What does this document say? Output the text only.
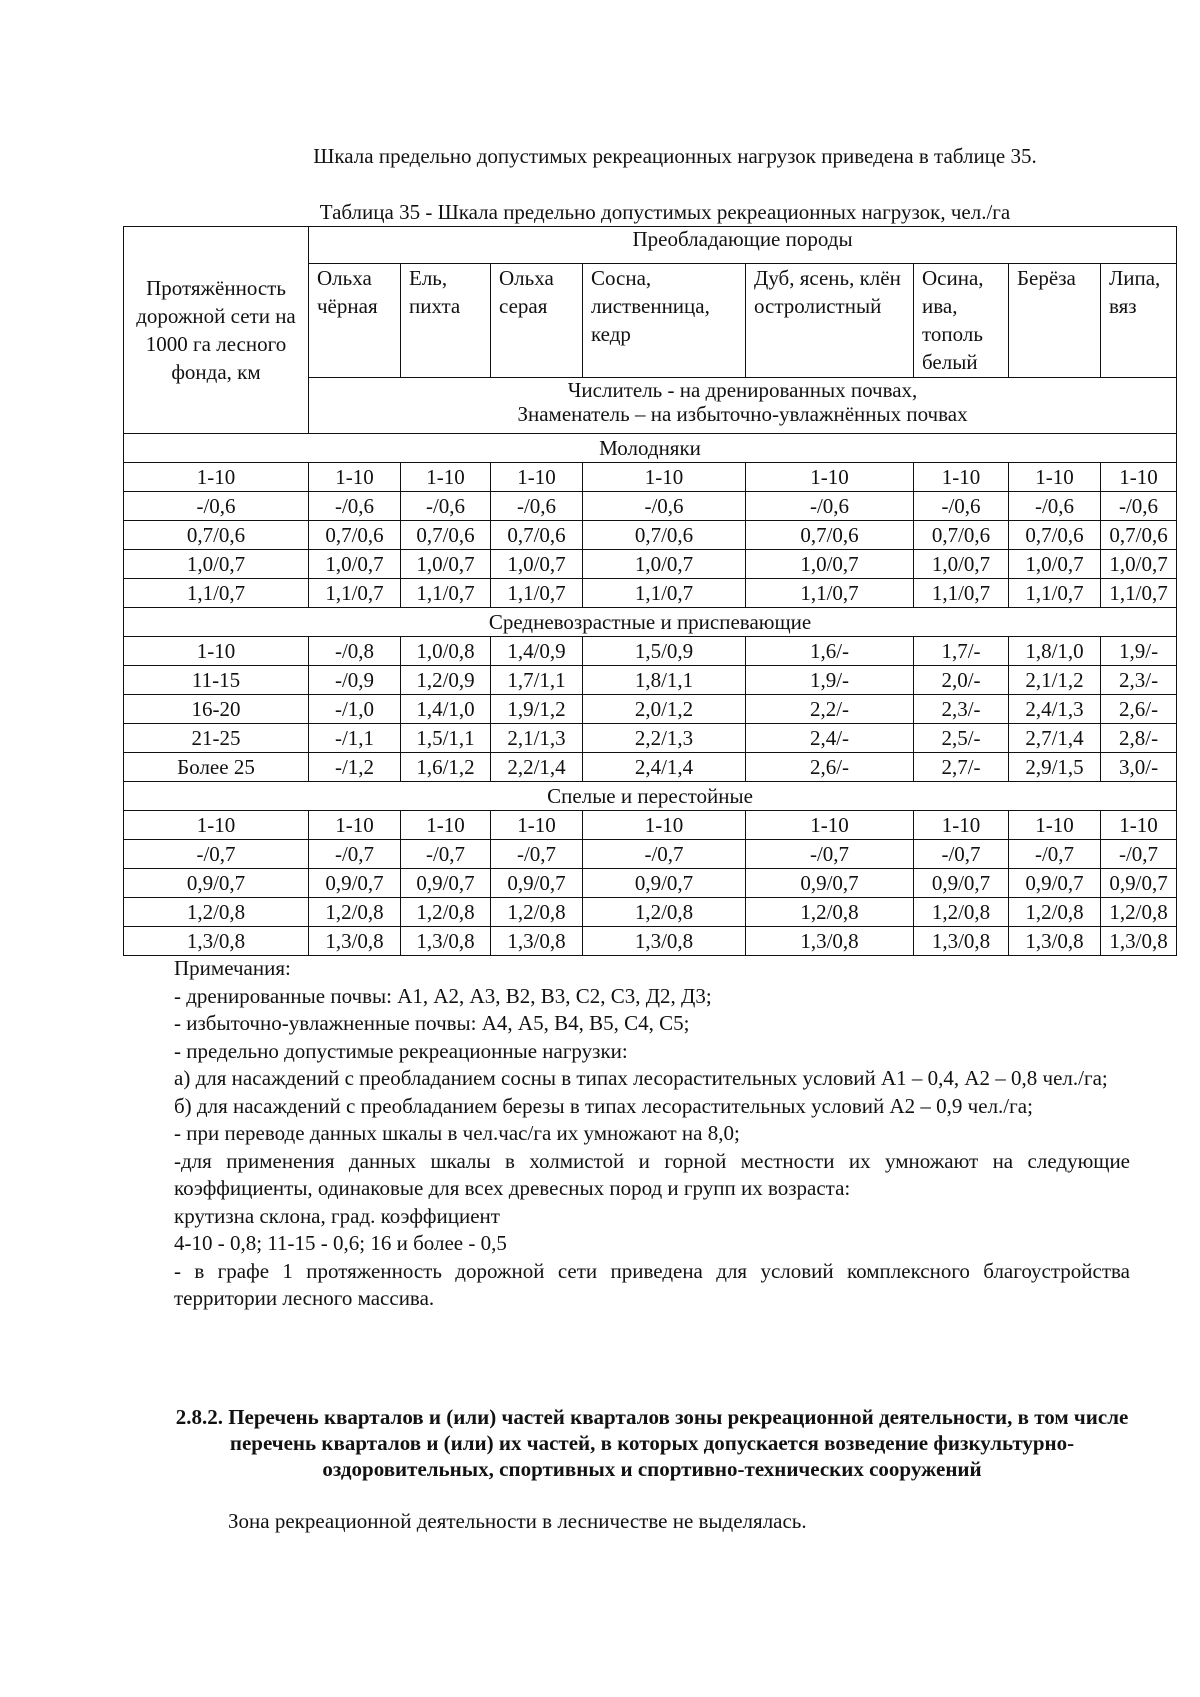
Шкала предельно допустимых рекреационных нагрузок приведена в таблице 35.
Таблица 35 - Шкала предельно допустимых рекреационных нагрузок, чел./га
Протяжённость дорожной сети на 1000 га лесного фонда, км	Преобладающие породы							
	Ольха чёрная	Ель, пихта	Ольха серая	Сосна, лиственница, кедр	Дуб, ясень, клён остролистный	Осина, ива, тополь белый	Берёза	Липа, вяз

	Числитель - на дренированных почвах,
Знаменатель – на избыточно-увлажнённых почвах							

Молодняки								
1-10	1-10	1-10	1-10	1-10	1-10	1-10	1-10	1-10
-/0,6	-/0,6	-/0,6	-/0,6	-/0,6	-/0,6	-/0,6	-/0,6	-/0,6
0,7/0,6	0,7/0,6	0,7/0,6	0,7/0,6	0,7/0,6	0,7/0,6	0,7/0,6	0,7/0,6	0,7/0,6
1,0/0,7	1,0/0,7	1,0/0,7	1,0/0,7	1,0/0,7	1,0/0,7	1,0/0,7	1,0/0,7	1,0/0,7
1,1/0,7	1,1/0,7	1,1/0,7	1,1/0,7	1,1/0,7	1,1/0,7	1,1/0,7	1,1/0,7	1,1/0,7
Средневозрастные и приспевающие								
1-10	-/0,8	1,0/0,8	1,4/0,9	1,5/0,9	1,6/-	1,7/-	1,8/1,0	1,9/-
11-15	-/0,9	1,2/0,9	1,7/1,1	1,8/1,1	1,9/-	2,0/-	2,1/1,2	2,3/-
16-20	-/1,0	1,4/1,0	1,9/1,2	2,0/1,2	2,2/-	2,3/-	2,4/1,3	2,6/-
21-25	-/1,1	1,5/1,1	2,1/1,3	2,2/1,3	2,4/-	2,5/-	2,7/1,4	2,8/-
Более 25	-/1,2	1,6/1,2	2,2/1,4	2,4/1,4	2,6/-	2,7/-	2,9/1,5	3,0/-
Спелые и перестойные								
1-10	1-10	1-10	1-10	1-10	1-10	1-10	1-10	1-10
-/0,7	-/0,7	-/0,7	-/0,7	-/0,7	-/0,7	-/0,7	-/0,7	-/0,7
0,9/0,7	0,9/0,7	0,9/0,7	0,9/0,7	0,9/0,7	0,9/0,7	0,9/0,7	0,9/0,7	0,9/0,7
1,2/0,8	1,2/0,8	1,2/0,8	1,2/0,8	1,2/0,8	1,2/0,8	1,2/0,8	1,2/0,8	1,2/0,8
1,3/0,8	1,3/0,8	1,3/0,8	1,3/0,8	1,3/0,8	1,3/0,8	1,3/0,8	1,3/0,8	1,3/0,8

Примечания:

- дренированные почвы: А1, А2, А3, В2, В3, С2, С3, Д2, Д3;

- избыточно-увлажненные почвы: А4, А5, В4, В5, С4, С5;

- предельно допустимые рекреационные нагрузки:

а) для насаждений с преобладанием сосны в типах лесорастительных условий А1 – 0,4, А2 – 0,8 чел./га;

б) для насаждений с преобладанием березы в типах лесорастительных условий А2 – 0,9 чел./га;

- при переводе данных шкалы в чел.час/га их умножают на 8,0;

-для применения данных шкалы в холмистой и горной местности их умножают на следующие коэффициенты, одинаковые для всех древесных пород и групп их возраста:

крутизна склона, град. коэффициент

4-10 - 0,8; 11-15 - 0,6; 16 и более - 0,5

- в графе 1 протяженность дорожной сети приведена для условий комплексного благоустройства территории лесного массива.

2.8.2. Перечень кварталов и (или) частей кварталов зоны рекреационной деятельности, в том числе перечень кварталов и (или) их частей, в которых допускается возведение физкультурно-оздоровительных, спортивных и спортивно-технических сооружений
Зона рекреационной деятельности в лесничестве не выделялась.
